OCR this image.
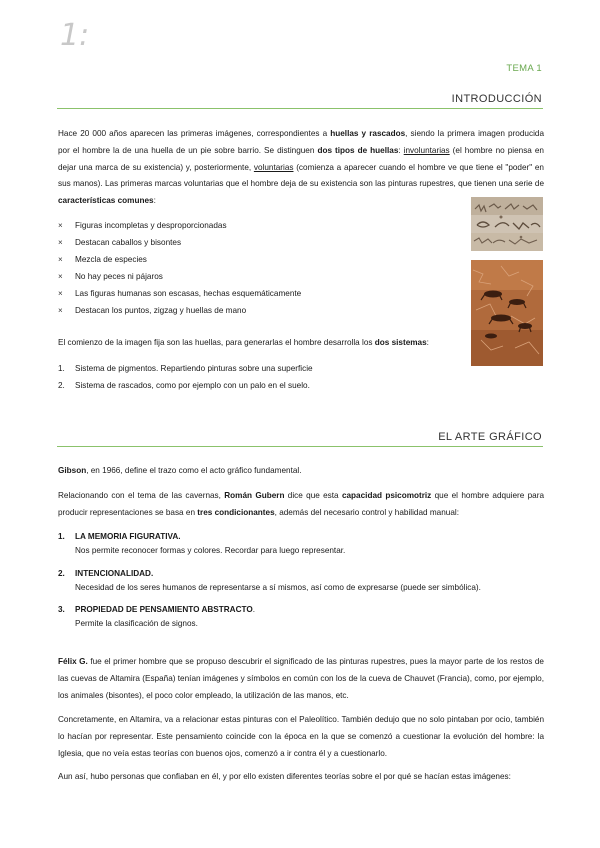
1:
TEMA 1
INTRODUCCIÓN

Hace 20 000 años aparecen las primeras imágenes, correspondientes a huellas y rascados, siendo la primera imagen producida por el hombre la de una huella de un pie sobre barrio. Se distinguen dos tipos de huellas: involuntarias (el hombre no piensa en dejar una marca de su existencia) y, posteriormente, voluntarias (comienza a aparecer cuando el hombre ve que tiene el "poder" en sus manos). Las primeras marcas voluntarias que el hombre deja de su existencia son las pinturas rupestres, que tienen una serie de características comunes:

× Figuras incompletas y desproporcionadas
× Destacan caballos y bisontes
× Mezcla de especies
× No hay peces ni pájaros
× Las figuras humanas son escasas, hechas esquemáticamente
× Destacan los puntos, zigzag y huellas de mano

El comienzo de la imagen fija son las huellas, para generarlas el hombre desarrolla los dos sistemas:

1. Sistema de pigmentos. Repartiendo pinturas sobre una superficie
2. Sistema de rascados, como por ejemplo con un palo en el suelo.
EL ARTE GRÁFICO

Gibson, en 1966, define el trazo como el acto gráfico fundamental.

Relacionando con el tema de las cavernas, Román Gubern dice que esta capacidad psicomotriz que el hombre adquiere para producir representaciones se basa en tres condicionantes, además del necesario control y habilidad manual:

1.	LA MEMORIA FIGURATIVA.
Nos permite reconocer formas y colores. Recordar para luego representar.
2.	INTENCIONALIDAD.
Necesidad de los seres humanos de representarse a sí mismos, así como de expresarse (puede ser simbólica).
3.	PROPIEDAD DE PENSAMIENTO ABSTRACTO.
Permite la clasificación de signos.

Félix G. fue el primer hombre que se propuso descubrir el significado de las pinturas rupestres, pues la mayor parte de los restos de las cuevas de Altamira (España) tenían imágenes y símbolos en común con los de la cueva de Chauvet (Francia), como, por ejemplo, los animales (bisontes), el poco color empleado, la utilización de las manos, etc.

Concretamente, en Altamira, va a relacionar estas pinturas con el Paleolítico. También dedujo que no solo pintaban por ocio, también lo hacían por representar. Este pensamiento coincide con la época en la que se comenzó a cuestionar la evolución del hombre: la Iglesia, que no veía estas teorías con buenos ojos, comenzó a ir contra él y a cuestionarlo.

Aun así, hubo personas que confiaban en él, y por ello existen diferentes teorías sobre el por qué se hacían estas imágenes:
